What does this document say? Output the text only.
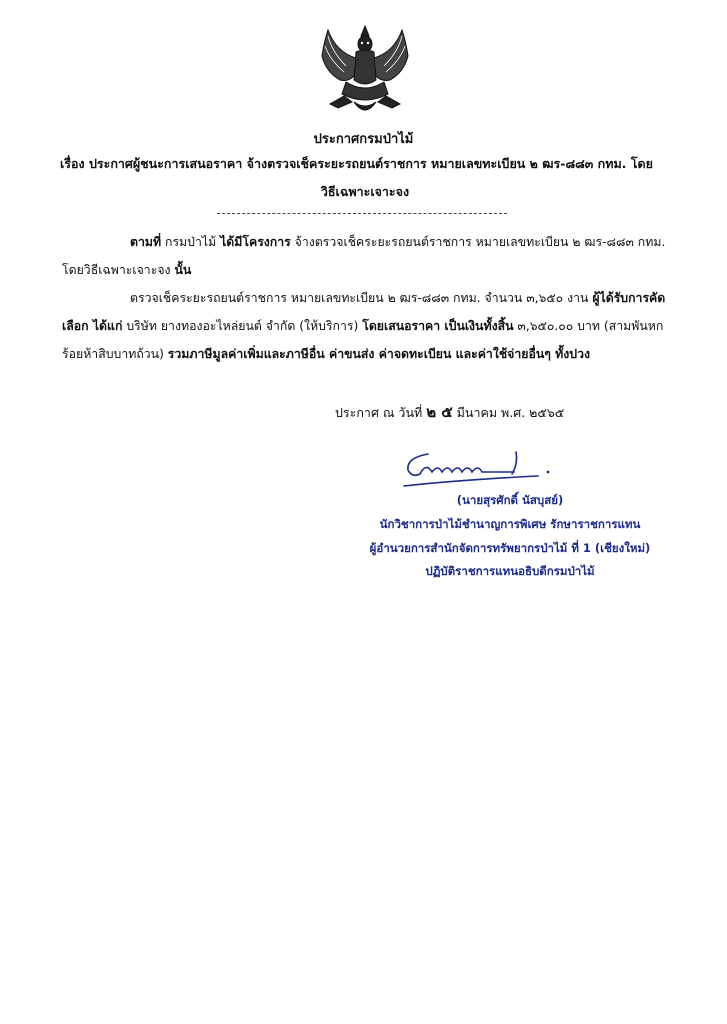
ประกาศกรมป่าไม้
เรื่อง ประกาศผู้ชนะการเสนอราคา จ้างตรวจเช็คระยะรถยนต์ราชการ หมายเลขทะเบียน ๒ ฒร-๘๘๓ กทม. โดย
วิธีเฉพาะเจาะจง
ตามที่ กรมป่าไม้ ได้มีโครงการ จ้างตรวจเช็คระยะรถยนต์ราชการ หมายเลขทะเบียน ๒ ฒร-๘๘๓ กทม. โดยวิธีเฉพาะเจาะจง นั้น
ตรวจเช็คระยะรถยนต์ราชการ หมายเลขทะเบียน ๒ ฒร-๘๘๓ กทม. จำนวน ๓,๖๕๐ งาน ผู้ได้รับการคัดเลือก ได้แก่ บริษัท ยางทองอะไหล่ยนต์ จำกัด (ให้บริการ) โดยเสนอราคา เป็นเงินทั้งสิ้น ๓,๖๕๐.๐๐ บาท (สามพันหกร้อยห้าสิบบาทถ้วน) รวมภาษีมูลค่าเพิ่มและภาษีอื่น ค่าขนส่ง ค่าจดทะเบียน และค่าใช้จ่ายอื่นๆ ทั้งปวง
ประกาศ ณ วันที่ ๒ ๕ มีนาคม พ.ศ. ๒๕๖๕
(นายสุรศักดิ์ นัสบุสย์)
นักวิชาการป่าไม้ชำนาญการพิเศษ รักษาราชการแทน
ผู้อำนวยการสำนักจัดการทรัพยากรป่าไม้ ที่ 1 (เชียงใหม่)
ปฏิบัติราชการแทนอธิบดีกรมป่าไม้
